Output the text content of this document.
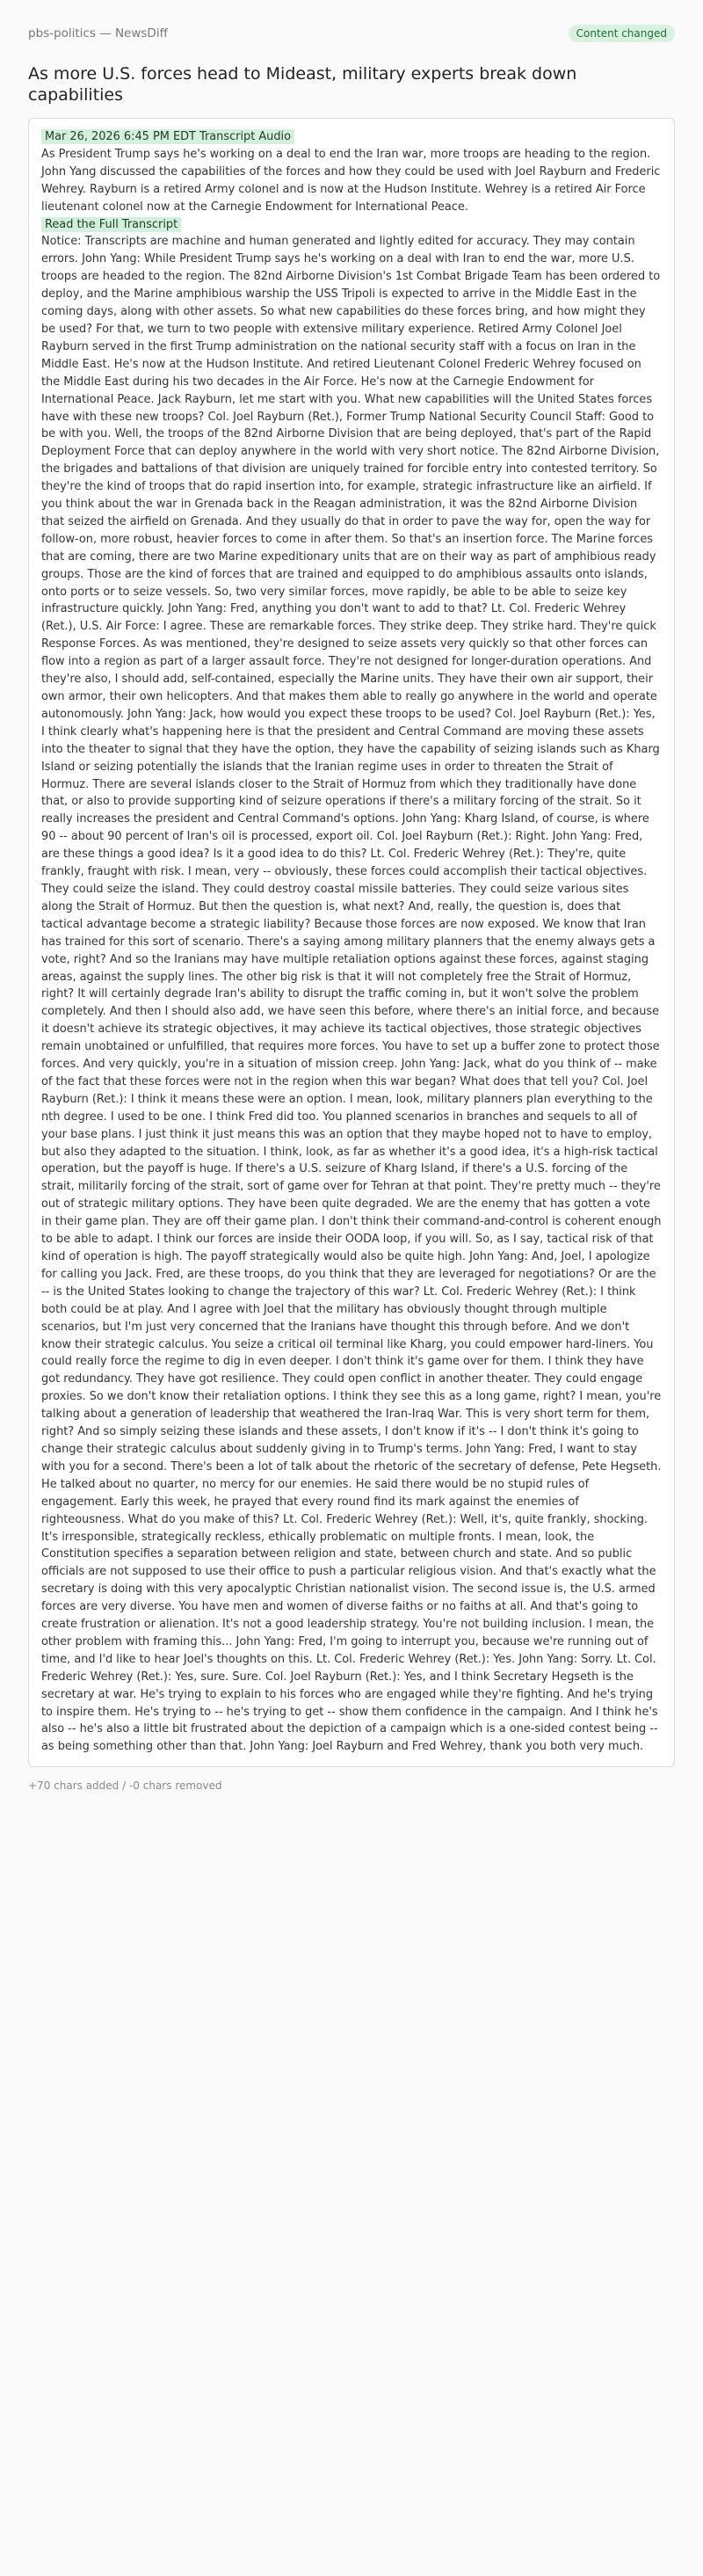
pbs-politics — NewsDiff	Content changed
As more U.S. forces head to Mideast, military experts break down capabilities
Mar 26, 2026 6:45 PM EDT Transcript Audio

As President Trump says he's working on a deal to end the Iran war, more troops are heading to the region. John Yang discussed the capabilities of the forces and how they could be used with Joel Rayburn and Frederic Wehrey. Rayburn is a retired Army colonel and is now at the Hudson Institute. Wehrey is a retired Air Force lieutenant colonel now at the Carnegie Endowment for International Peace.

Read the Full Transcript

Notice: Transcripts are machine and human generated and lightly edited for accuracy. They may contain errors. John Yang: While President Trump says he's working on a deal with Iran to end the war, more U.S. troops are headed to the region. The 82nd Airborne Division's 1st Combat Brigade Team has been ordered to deploy, and the Marine amphibious warship the USS Tripoli is expected to arrive in the Middle East in the coming days, along with other assets. So what new capabilities do these forces bring, and how might they be used? For that, we turn to two people with extensive military experience. Retired Army Colonel Joel Rayburn served in the first Trump administration on the national security staff with a focus on Iran in the Middle East. He's now at the Hudson Institute. And retired Lieutenant Colonel Frederic Wehrey focused on the Middle East during his two decades in the Air Force. He's now at the Carnegie Endowment for International Peace. Jack Rayburn, let me start with you. What new capabilities will the United States forces have with these new troops? Col. Joel Rayburn (Ret.), Former Trump National Security Council Staff: Good to be with you. Well, the troops of the 82nd Airborne Division that are being deployed, that's part of the Rapid Deployment Force that can deploy anywhere in the world with very short notice. The 82nd Airborne Division, the brigades and battalions of that division are uniquely trained for forcible entry into contested territory. So they're the kind of troops that do rapid insertion into, for example, strategic infrastructure like an airfield. If you think about the war in Grenada back in the Reagan administration, it was the 82nd Airborne Division that seized the airfield on Grenada. And they usually do that in order to pave the way for, open the way for follow-on, more robust, heavier forces to come in after them. So that's an insertion force. The Marine forces that are coming, there are two Marine expeditionary units that are on their way as part of amphibious ready groups. Those are the kind of forces that are trained and equipped to do amphibious assaults onto islands, onto ports or to seize vessels. So, two very similar forces, move rapidly, be able to be able to seize key infrastructure quickly. John Yang: Fred, anything you don't want to add to that? Lt. Col. Frederic Wehrey (Ret.), U.S. Air Force: I agree. These are remarkable forces. They strike deep. They strike hard. They're quick Response Forces. As was mentioned, they're designed to seize assets very quickly so that other forces can flow into a region as part of a larger assault force. They're not designed for longer-duration operations. And they're also, I should add, self-contained, especially the Marine units. They have their own air support, their own armor, their own helicopters. And that makes them able to really go anywhere in the world and operate autonomously. John Yang: Jack, how would you expect these troops to be used? Col. Joel Rayburn (Ret.): Yes, I think clearly what's happening here is that the president and Central Command are moving these assets into the theater to signal that they have the option, they have the capability of seizing islands such as Kharg Island or seizing potentially the islands that the Iranian regime uses in order to threaten the Strait of Hormuz. There are several islands closer to the Strait of Hormuz from which they traditionally have done that, or also to provide supporting kind of seizure operations if there's a military forcing of the strait. So it really increases the president and Central Command's options. John Yang: Kharg Island, of course, is where 90 -- about 90 percent of Iran's oil is processed, export oil. Col. Joel Rayburn (Ret.): Right. John Yang: Fred, are these things a good idea? Is it a good idea to do this? Lt. Col. Frederic Wehrey (Ret.): They're, quite frankly, fraught with risk. I mean, very -- obviously, these forces could accomplish their tactical objectives. They could seize the island. They could destroy coastal missile batteries. They could seize various sites along the Strait of Hormuz. But then the question is, what next? And, really, the question is, does that tactical advantage become a strategic liability? Because those forces are now exposed. We know that Iran has trained for this sort of scenario. There's a saying among military planners that the enemy always gets a vote, right? And so the Iranians may have multiple retaliation options against these forces, against staging areas, against the supply lines. The other big risk is that it will not completely free the Strait of Hormuz, right? It will certainly degrade Iran's ability to disrupt the traffic coming in, but it won't solve the problem completely. And then I should also add, we have seen this before, where there's an initial force, and because it doesn't achieve its strategic objectives, it may achieve its tactical objectives, those strategic objectives remain unobtained or unfulfilled, that requires more forces. You have to set up a buffer zone to protect those forces. And very quickly, you're in a situation of mission creep. John Yang: Jack, what do you think of -- make of the fact that these forces were not in the region when this war began? What does that tell you? Col. Joel Rayburn (Ret.): I think it means these were an option. I mean, look, military planners plan everything to the nth degree. I used to be one. I think Fred did too. You planned scenarios in branches and sequels to all of your base plans. I just think it just means this was an option that they maybe hoped not to have to employ, but also they adapted to the situation. I think, look, as far as whether it's a good idea, it's a high-risk tactical operation, but the payoff is huge. If there's a U.S. seizure of Kharg Island, if there's a U.S. forcing of the strait, militarily forcing of the strait, sort of game over for Tehran at that point. They're pretty much -- they're out of strategic military options. They have been quite degraded. We are the enemy that has gotten a vote in their game plan. They are off their game plan. I don't think their command-and-control is coherent enough to be able to adapt. I think our forces are inside their OODA loop, if you will. So, as I say, tactical risk of that kind of operation is high. The payoff strategically would also be quite high. John Yang: And, Joel, I apologize for calling you Jack. Fred, are these troops, do you think that they are leveraged for negotiations? Or are the -- is the United States looking to change the trajectory of this war? Lt. Col. Frederic Wehrey (Ret.): I think both could be at play. And I agree with Joel that the military has obviously thought through multiple scenarios, but I'm just very concerned that the Iranians have thought this through before. And we don't know their strategic calculus. You seize a critical oil terminal like Kharg, you could empower hard-liners. You could really force the regime to dig in even deeper. I don't think it's game over for them. I think they have got redundancy. They have got resilience. They could open conflict in another theater. They could engage proxies. So we don't know their retaliation options. I think they see this as a long game, right? I mean, you're talking about a generation of leadership that weathered the Iran-Iraq War. This is very short term for them, right? And so simply seizing these islands and these assets, I don't know if it's -- I don't think it's going to change their strategic calculus about suddenly giving in to Trump's terms. John Yang: Fred, I want to stay with you for a second. There's been a lot of talk about the rhetoric of the secretary of defense, Pete Hegseth. He talked about no quarter, no mercy for our enemies. He said there would be no stupid rules of engagement. Early this week, he prayed that every round find its mark against the enemies of righteousness. What do you make of this? Lt. Col. Frederic Wehrey (Ret.): Well, it's, quite frankly, shocking. It's irresponsible, strategically reckless, ethically problematic on multiple fronts. I mean, look, the Constitution specifies a separation between religion and state, between church and state. And so public officials are not supposed to use their office to push a particular religious vision. And that's exactly what the secretary is doing with this very apocalyptic Christian nationalist vision. The second issue is, the U.S. armed forces are very diverse. You have men and women of diverse faiths or no faiths at all. And that's going to create frustration or alienation. It's not a good leadership strategy. You're not building inclusion. I mean, the other problem with framing this... John Yang: Fred, I'm going to interrupt you, because we're running out of time, and I'd like to hear Joel's thoughts on this. Lt. Col. Frederic Wehrey (Ret.): Yes. John Yang: Sorry. Lt. Col. Frederic Wehrey (Ret.): Yes, sure. Sure. Col. Joel Rayburn (Ret.): Yes, and I think Secretary Hegseth is the secretary at war. He's trying to explain to his forces who are engaged while they're fighting. And he's trying to inspire them. He's trying to -- he's trying to get -- show them confidence in the campaign. And I think he's also -- he's also a little bit frustrated about the depiction of a campaign which is a one-sided contest being -- as being something other than that. John Yang: Joel Rayburn and Fred Wehrey, thank you both very much.

+70 chars added / -0 chars removed
